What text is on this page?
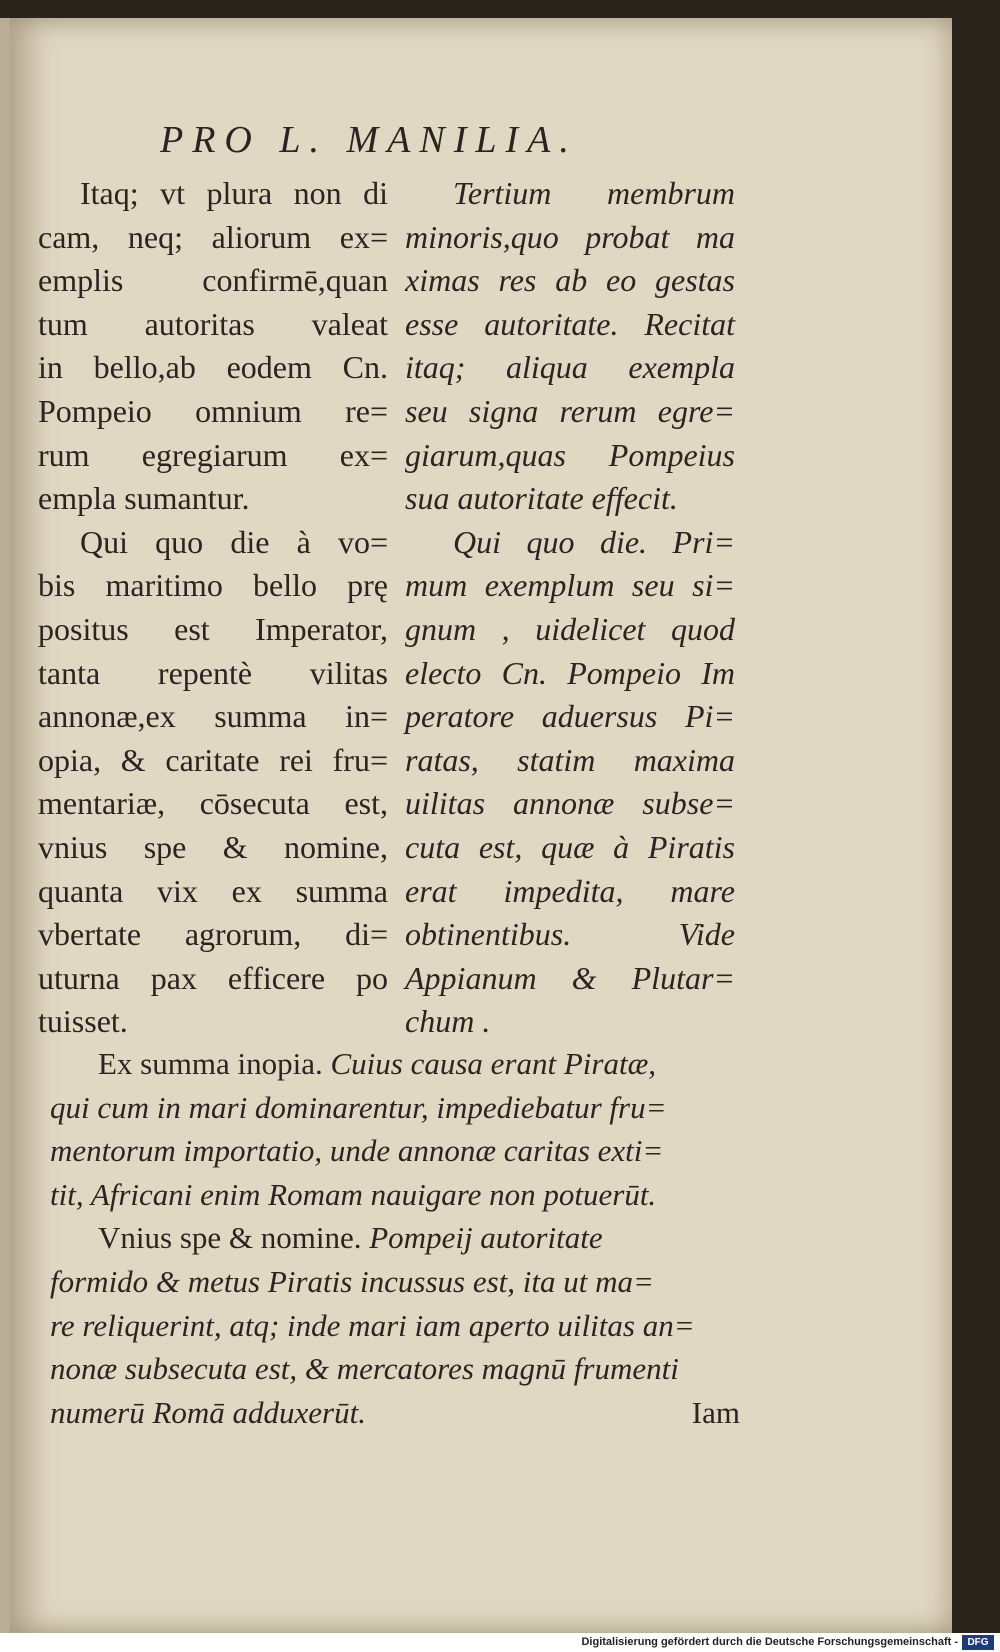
PRO L. MANILIA.
Itaq; vt plura non di
cam, neq; aliorum ex=
emplis confirmē,quan
tum autoritas valeat
in bello,ab eodem Cn.
Pompeio omnium re=
rum egregiarum ex=
empla sumantur.
Qui quo die à vo=
bis maritimo bello prę
positus est Imperator,
tanta repentè vilitas
annonæ,ex summa in=
opia, & caritate rei fru=
mentariæ, cōsecuta est,
vnius spe & nomine,
quanta vix ex summa
vbertate agrorum, di=
uturna pax efficere po
tuisset.
Tertium membrum
minoris,quo probat ma
ximas res ab eo gestas
esse autoritate. Recitat
itaq; aliqua exempla
seu signa rerum egre=
giarum,quas Pompeius
sua autoritate effecit.
Qui quo die. Pri=
mum exemplum seu si=
gnum , uidelicet quod
electo Cn. Pompeio Im
peratore aduersus Pi=
ratas, statim maxima
uilitas annonæ subse=
cuta est, quæ à Piratis
erat impedita, mare
obtinentibus. Vide
Appianum & Plutar=
chum .
Ex summa inopia. Cuius causa erant Piratæ,
qui cum in mari dominarentur, impediebatur fru=
mentorum importatio, unde annonæ caritas exti=
tit, Africani enim Romam nauigare non potuerūt.
Vnius spe & nomine. Pompeij autoritate
formido & metus Piratis incussus est, ita ut ma=
re reliquerint, atq; inde mari iam aperto uilitas an=
nonæ subsecuta est, & mercatores magnū frumenti
numerū Romā adduxerūt.	Iam
Digitalisierung gefördert durch die Deutsche Forschungsgemeinschaft - DFG
